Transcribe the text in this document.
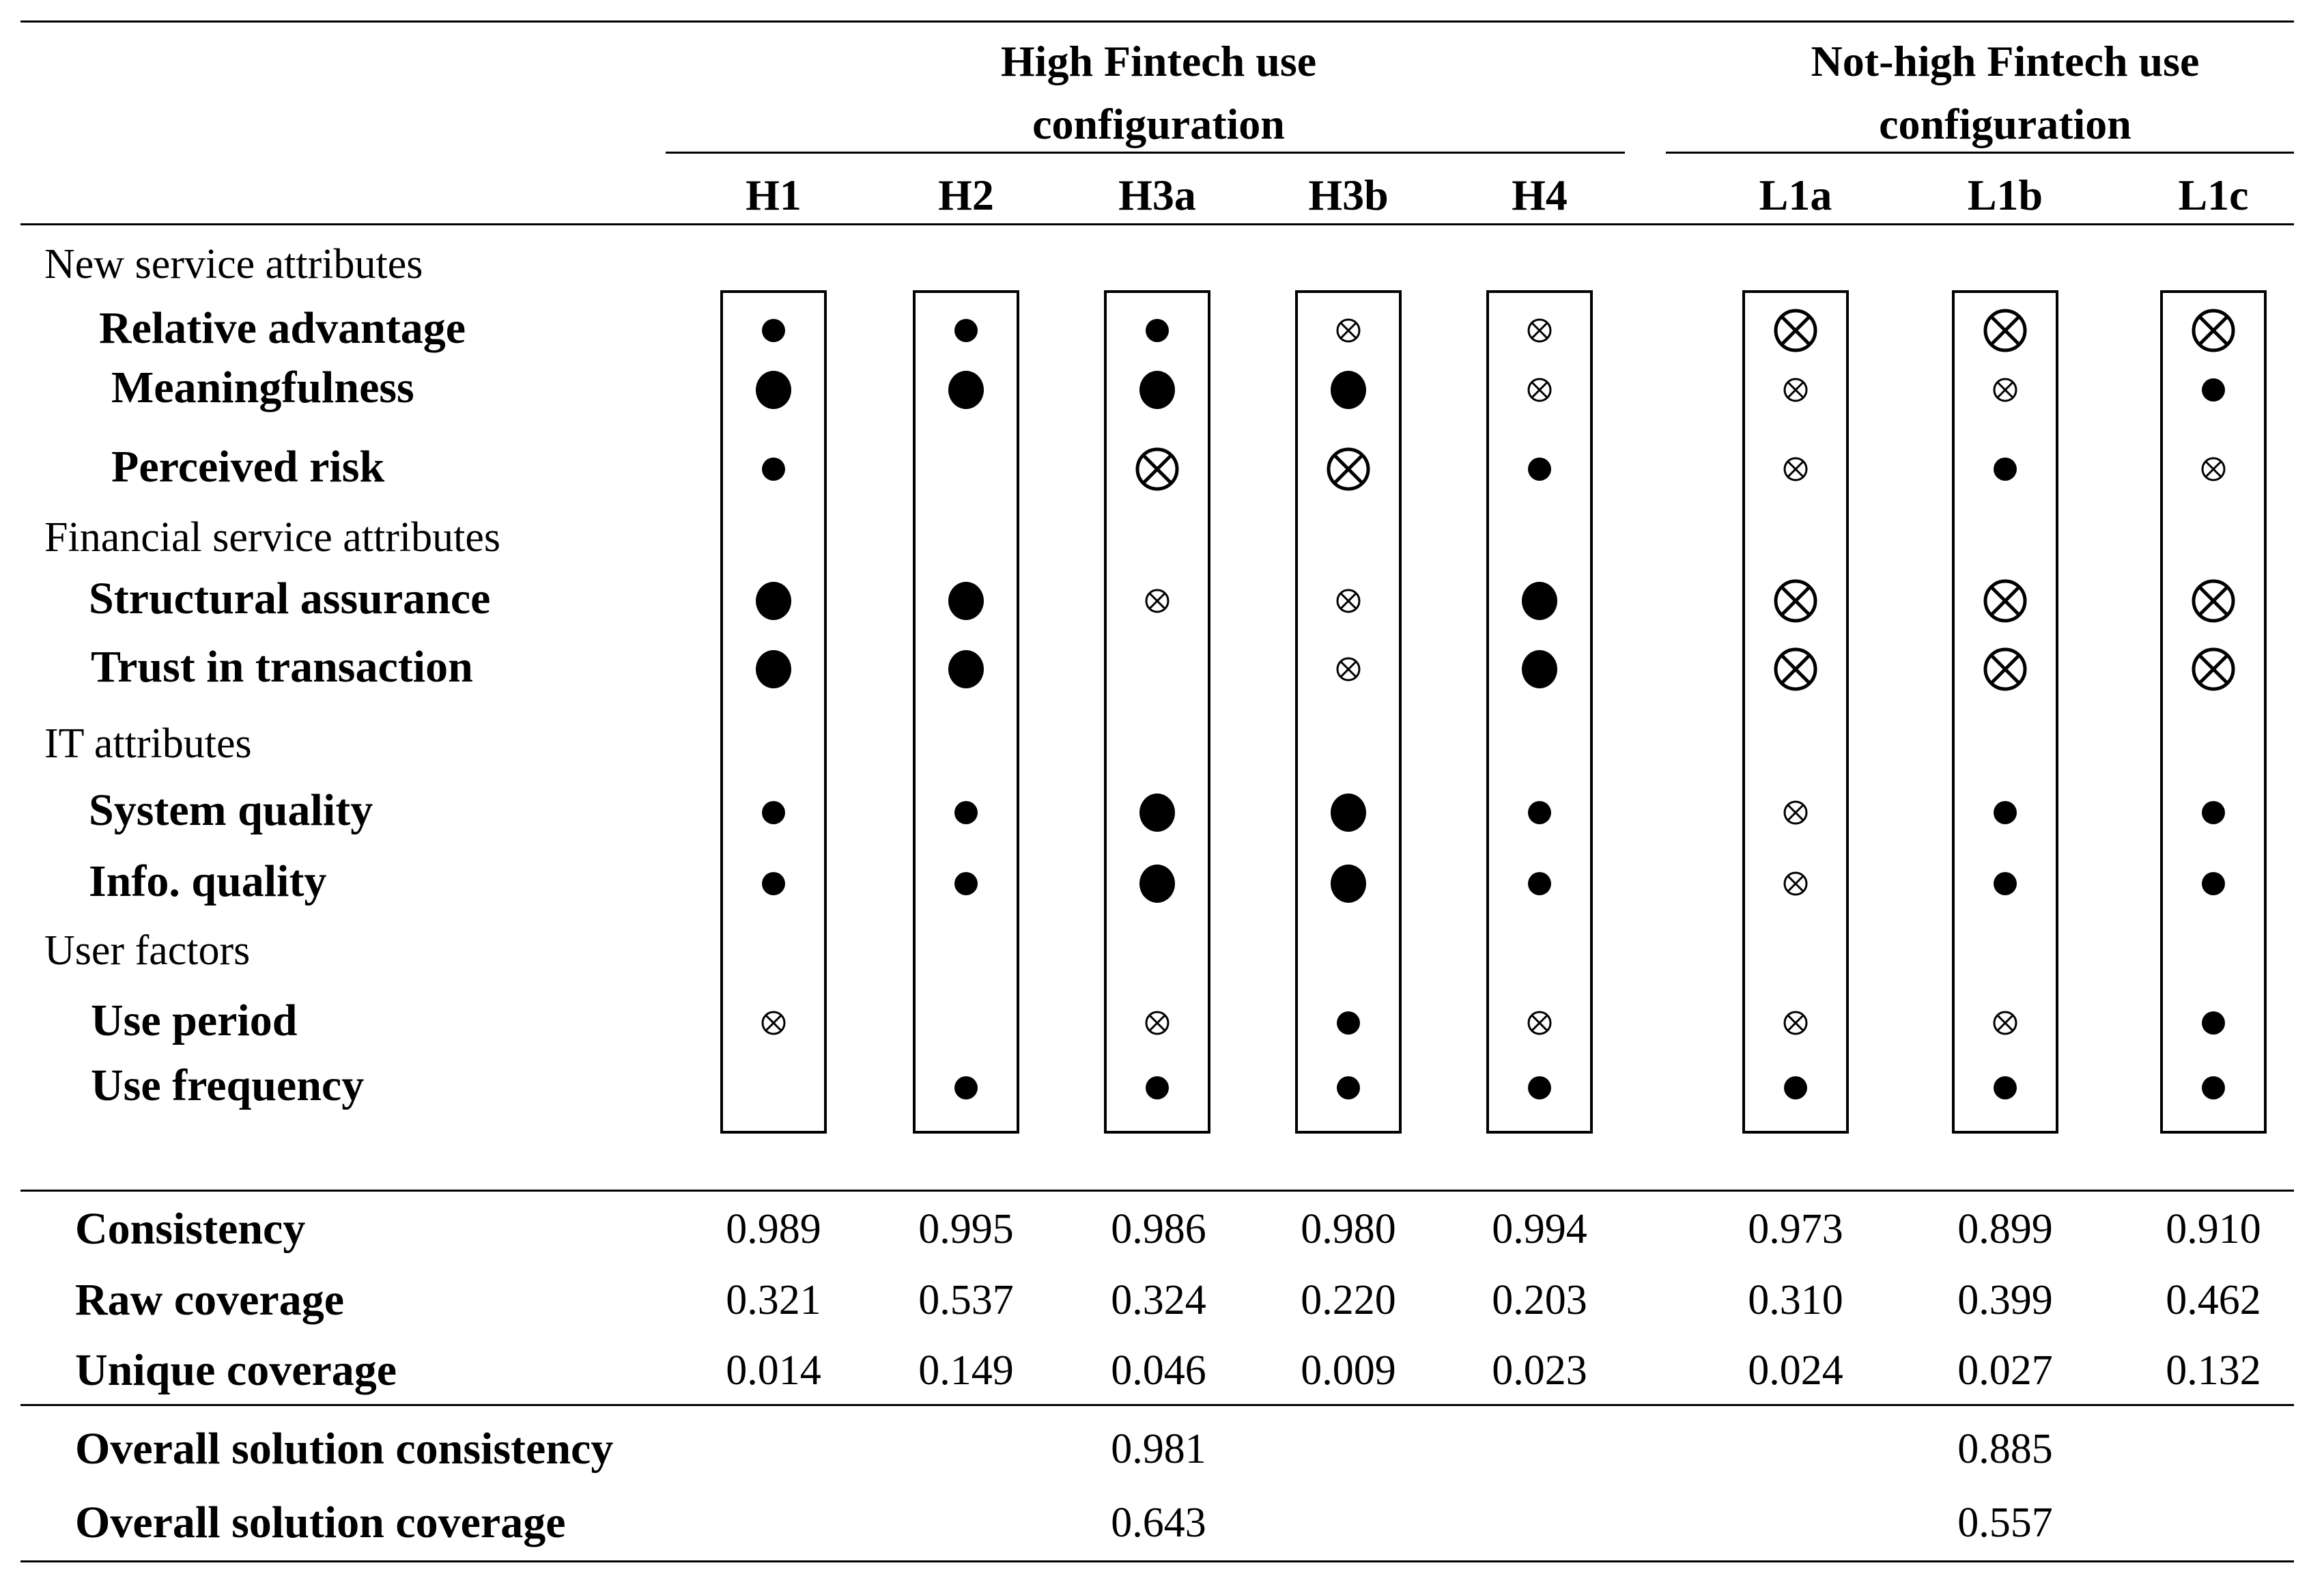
High Fintech use
configuration
Not-high Fintech use
configuration
H1	H2	H3a	H3b	H4	L1a	L1b	L1c
New service attributes
Relative advantage
Meaningfulness
Perceived risk
Financial service attributes
Structural assurance
Trust in transaction
IT attributes
System quality
Info. quality
User factors
Use period
Use frequency
Consistency	0.989 0.995 0.986 0.980 0.994	0.973	0.899	0.910
Raw coverage	0.321 0.537 0.324 0.220 0.203	0.310	0.399	0.462
Unique coverage	0.014 0.149 0.046 0.009 0.023	0.024	0.027	0.132
Overall solution consistency	0.981	0.885
Overall solution coverage	0.643	0.557
